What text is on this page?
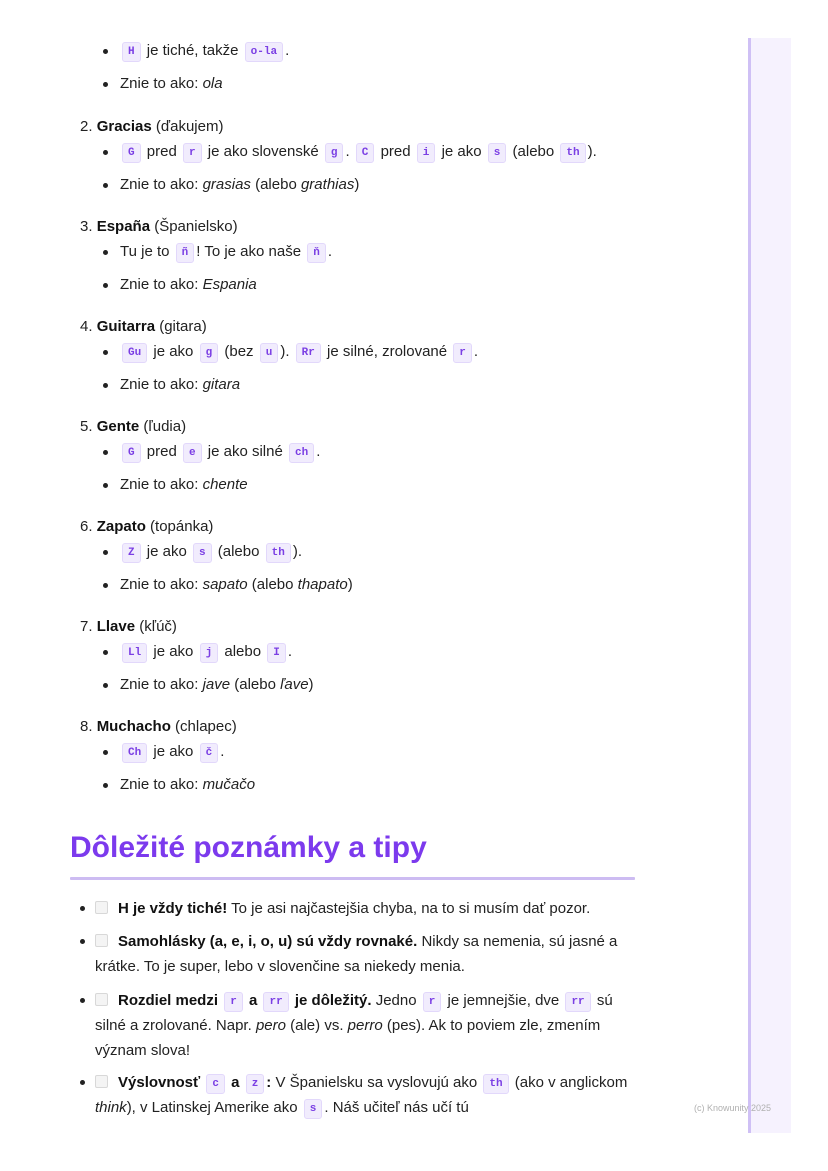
(c) Knowunity 2025
H je tiché, takže o-la .
Znie to ako: ola
2. Gracias (ďakujem)
G pred r je ako slovenské g . C pred i je ako s (alebo th ).
Znie to ako: grasias (alebo grathias)
3. España (Španielsko)
Tu je to ñ ! To je ako naše ň .
Znie to ako: Espania
4. Guitarra (gitara)
Gu je ako g (bez u ). Rr je silné, zrolované r .
Znie to ako: gitara
5. Gente (ľudia)
G pred e je ako silné ch .
Znie to ako: chente
6. Zapato (topánka)
Z je ako s (alebo th ).
Znie to ako: sapato (alebo thapato)
7. Llave (kľúč)
Ll je ako j alebo I .
Znie to ako: jave (alebo ľave)
8. Muchacho (chlapec)
Ch je ako č .
Znie to ako: mučačo
Dôležité poznámky a tipy
H je vždy tiché! To je asi najčastejšia chyba, na to si musím dať pozor.
Samohlásky (a, e, i, o, u) sú vždy rovnaké. Nikdy sa nemenia, sú jasné a krátke. To je super, lebo v slovenčine sa niekedy menia.
Rozdiel medzi r a rr je dôležitý. Jedno r je jemnejšie, dve rr sú silné a zrolované. Napr. pero (ale) vs. perro (pes). Ak to poviem zle, zmením význam slova!
Výslovnosť c a z : V Španielsku sa vyslovujú ako th (ako v anglickom think), v Latinskej Amerike ako s . Náš učiteľ nás učí tú
